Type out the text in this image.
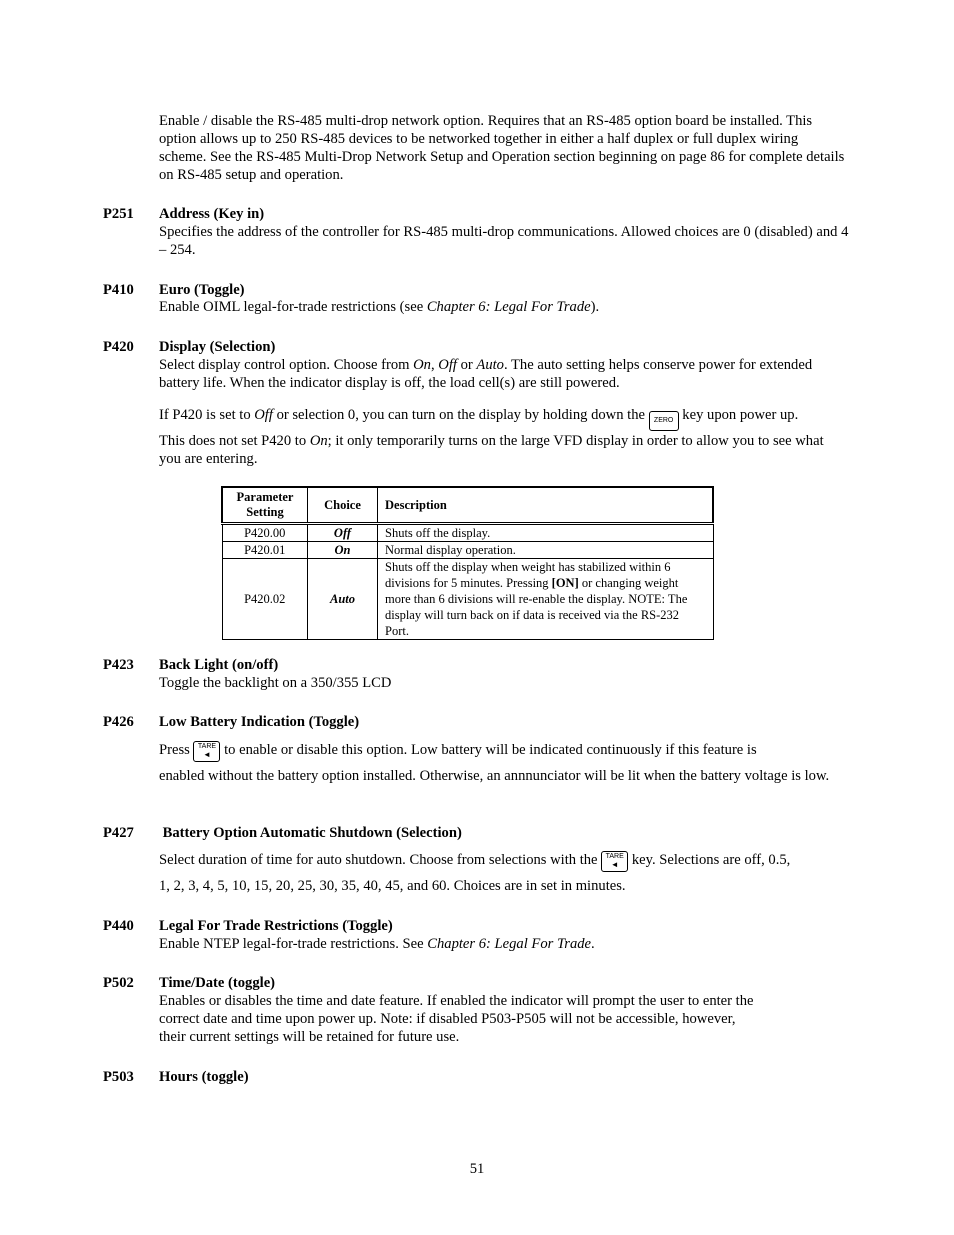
Enable / disable the RS-485 multi-drop network option. Requires that an RS-485 option board be installed. This option allows up to 250 RS-485 devices to be networked together in either a half duplex or full duplex wiring scheme. See the RS-485 Multi-Drop Network Setup and Operation section beginning on page 86 for complete details on RS-485 setup and operation.

P251 Address (Key in)

Specifies the address of the controller for RS-485 multi-drop communications. Allowed choices are 0 (disabled) and 4 – 254.

P410 Euro (Toggle)

Enable OIML legal-for-trade restrictions (see Chapter 6: Legal For Trade).

P420 Display (Selection)

Select display control option. Choose from On, Off or Auto. The auto setting helps conserve power for extended battery life. When the indicator display is off, the load cell(s) are still powered.

If P420 is set to Off or selection 0, you can turn on the display by holding down the ZERO key upon power up.

This does not set P420 to On; it only temporarily turns on the large VFD display in order to allow you to see what you are entering.

Parameter Setting	Choice	Description
P420.00	Off	Shuts off the display.
P420.01	On	Normal display operation.
P420.02	Auto	Shuts off the display when weight has stabilized within 6 divisions for 5 minutes. Pressing [ON] or changing weight more than 6 divisions will re-enable the display. NOTE: The display will turn back on if data is received via the RS-232 Port.
P423 Back Light (on/off)

Toggle the backlight on a 350/355 LCD

P426 Low Battery Indication (Toggle)

Press TARE
◄ to enable or disable this option. Low battery will be indicated continuously if this feature is

enabled without the battery option installed. Otherwise, an annnunciator will be lit when the battery voltage is low.

P427 Battery Option Automatic Shutdown (Selection)

Select duration of time for auto shutdown. Choose from selections with the TARE
◄ key. Selections are off, 0.5,

1, 2, 3, 4, 5, 10, 15, 20, 25, 30, 35, 40, 45, and 60. Choices are in set in minutes.

P440 Legal For Trade Restrictions (Toggle)

Enable NTEP legal-for-trade restrictions. See Chapter 6: Legal For Trade.

P502 Time/Date (toggle)

Enables or disables the time and date feature. If enabled the indicator will prompt the user to enter the

correct date and time upon power up. Note: if disabled P503-P505 will not be accessible, however,

their current settings will be retained for future use.

P503 Hours (toggle)
51
